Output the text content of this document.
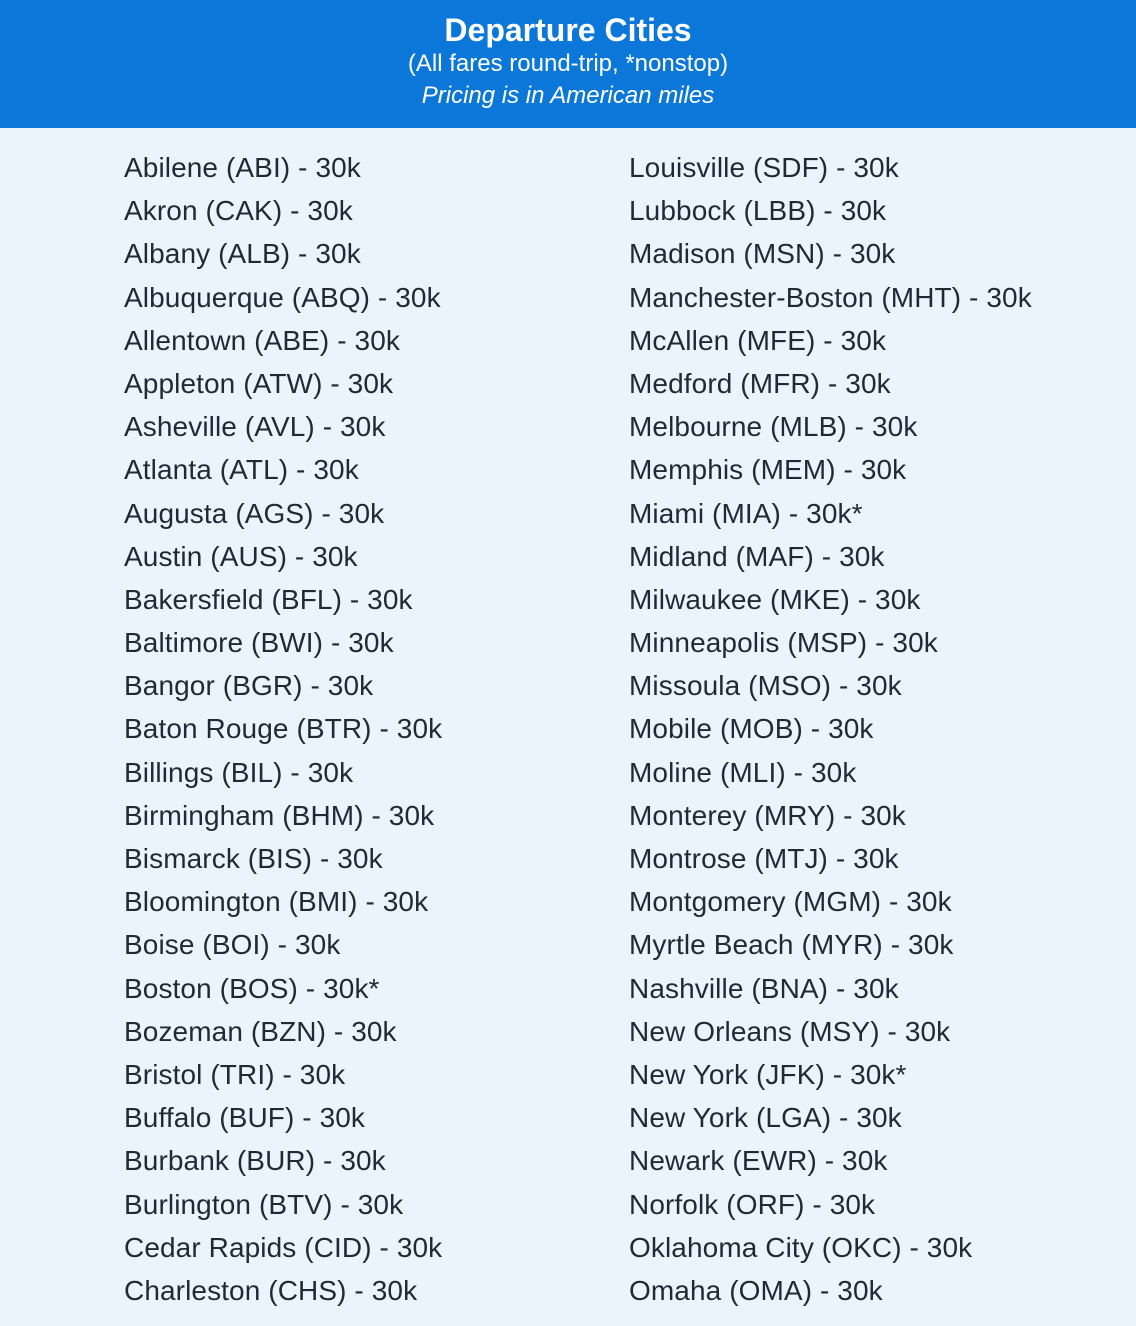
Departure Cities
(All fares round-trip, *nonstop)
Pricing is in American miles
Abilene (ABI) - 30k
Akron (CAK) - 30k
Albany (ALB) - 30k
Albuquerque (ABQ) - 30k
Allentown (ABE) - 30k
Appleton (ATW) - 30k
Asheville (AVL) - 30k
Atlanta (ATL) - 30k
Augusta (AGS) - 30k
Austin (AUS) - 30k
Bakersfield (BFL) - 30k
Baltimore (BWI) - 30k
Bangor (BGR) - 30k
Baton Rouge (BTR) - 30k
Billings (BIL) - 30k
Birmingham (BHM) - 30k
Bismarck (BIS) - 30k
Bloomington (BMI) - 30k
Boise (BOI) - 30k
Boston (BOS) - 30k*
Bozeman (BZN) - 30k
Bristol (TRI) - 30k
Buffalo (BUF) - 30k
Burbank (BUR) - 30k
Burlington (BTV) - 30k
Cedar Rapids (CID) - 30k
Charleston (CHS) - 30k
Louisville (SDF) - 30k
Lubbock (LBB) - 30k
Madison (MSN) - 30k
Manchester-Boston (MHT) - 30k
McAllen (MFE) - 30k
Medford (MFR) - 30k
Melbourne (MLB) - 30k
Memphis (MEM) - 30k
Miami (MIA) - 30k*
Midland (MAF) - 30k
Milwaukee (MKE) - 30k
Minneapolis (MSP) - 30k
Missoula (MSO) - 30k
Mobile (MOB) - 30k
Moline (MLI) - 30k
Monterey (MRY) - 30k
Montrose (MTJ) - 30k
Montgomery (MGM) - 30k
Myrtle Beach (MYR) - 30k
Nashville (BNA) - 30k
New Orleans (MSY) - 30k
New York (JFK) - 30k*
New York (LGA) - 30k
Newark (EWR) - 30k
Norfolk (ORF) - 30k
Oklahoma City (OKC) - 30k
Omaha (OMA) - 30k
